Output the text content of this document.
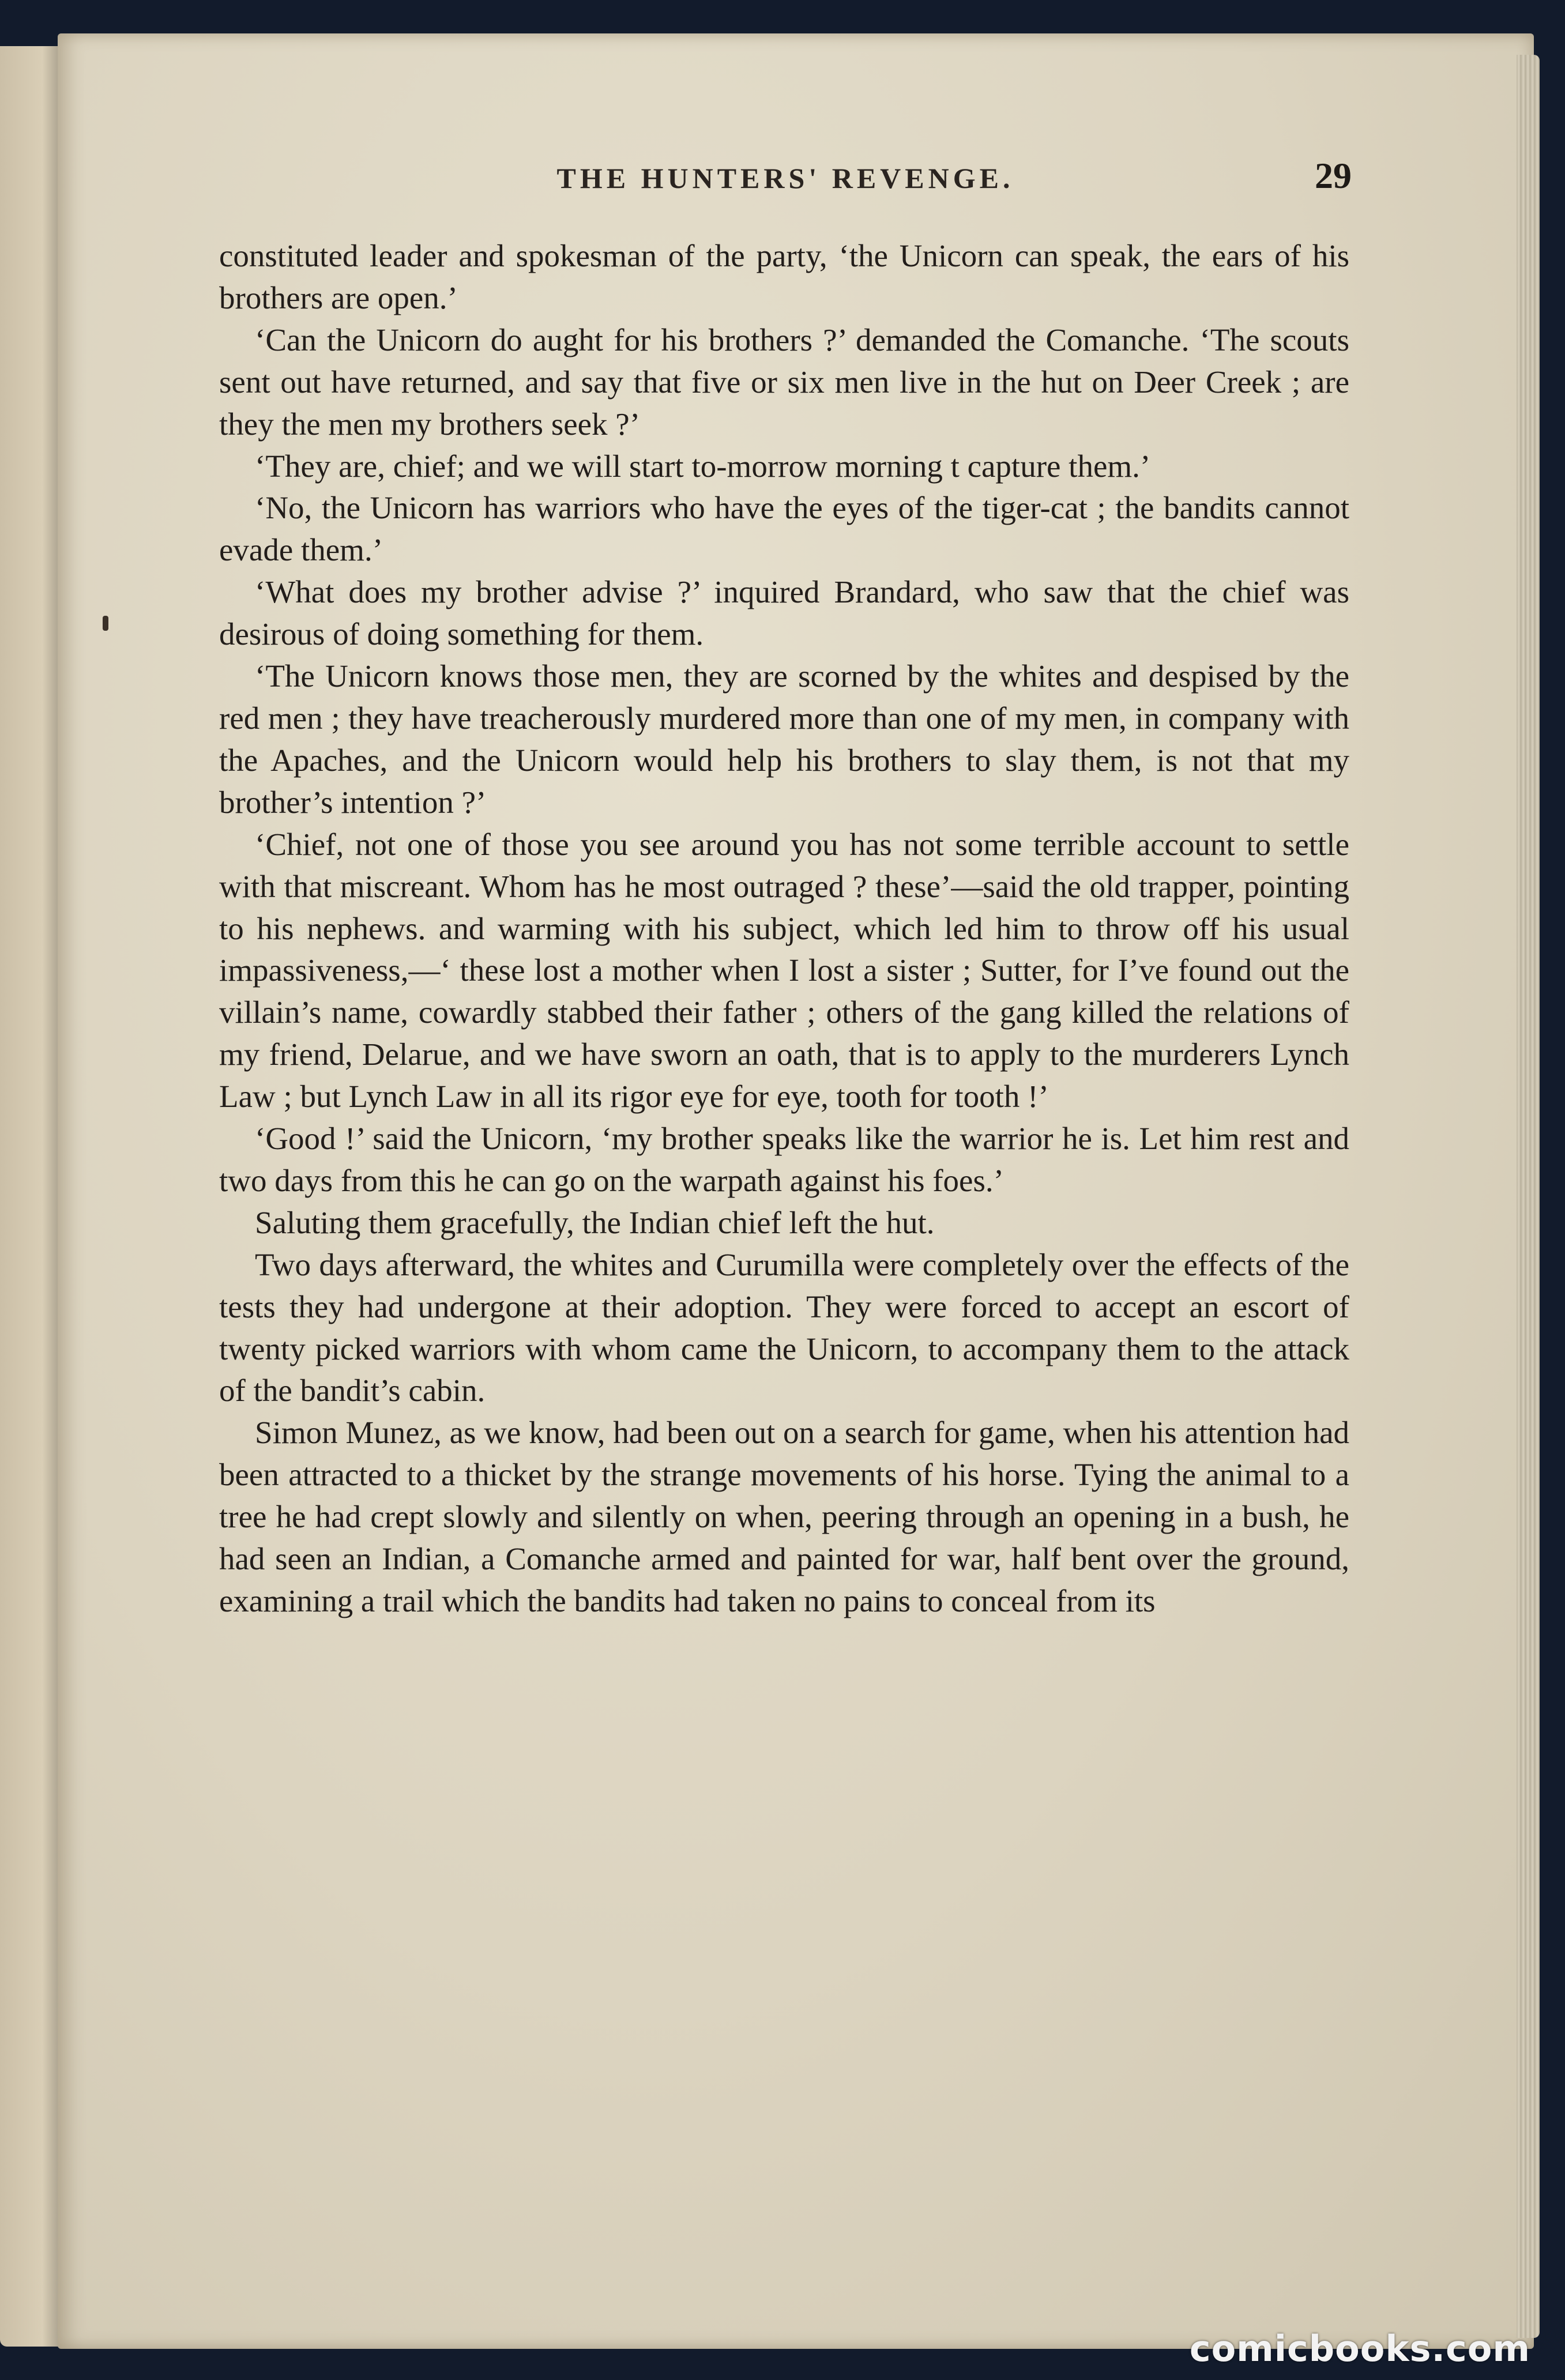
THE HUNTERS' REVENGE.	29

constituted leader and spokesman of the party, ‘the Unicorn can speak, the ears of his brothers are open.’

‘Can the Unicorn do aught for his brothers ?’ demanded the Comanche. ‘The scouts sent out have returned, and say that five or six men live in the hut on Deer Creek ; are they the men my brothers seek ?’

‘They are, chief; and we will start to-morrow morning t capture them.’

‘No, the Unicorn has warriors who have the eyes of the tiger-cat ; the bandits cannot evade them.’

‘What does my brother advise ?’ inquired Brandard, who saw that the chief was desirous of doing something for them.

‘The Unicorn knows those men, they are scorned by the whites and despised by the red men ; they have treacherously murdered more than one of my men, in company with the Apaches, and the Unicorn would help his brothers to slay them, is not that my brother’s intention ?’

‘Chief, not one of those you see around you has not some terrible account to settle with that miscreant. Whom has he most outraged ? these’—said the old trapper, pointing to his nephews. and warming with his subject, which led him to throw off his usual impassiveness,—‘ these lost a mother when I lost a sister ; Sutter, for I’ve found out the villain’s name, cowardly stabbed their father ; others of the gang killed the relations of my friend, Delarue, and we have sworn an oath, that is to apply to the murderers Lynch Law ; but Lynch Law in all its rigor eye for eye, tooth for tooth !’

‘Good !’ said the Unicorn, ‘my brother speaks like the warrior he is. Let him rest and two days from this he can go on the warpath against his foes.’

Saluting them gracefully, the Indian chief left the hut.

Two days afterward, the whites and Curumilla were completely over the effects of the tests they had undergone at their adoption. They were forced to accept an escort of twenty picked warriors with whom came the Unicorn, to accompany them to the attack of the bandit’s cabin.

Simon Munez, as we know, had been out on a search for game, when his attention had been attracted to a thicket by the strange movements of his horse. Tying the animal to a tree he had crept slowly and silently on when, peering through an opening in a bush, he had seen an Indian, a Comanche armed and painted for war, half bent over the ground, examining a trail which the bandits had taken no pains to conceal from its

comicbooks.com
